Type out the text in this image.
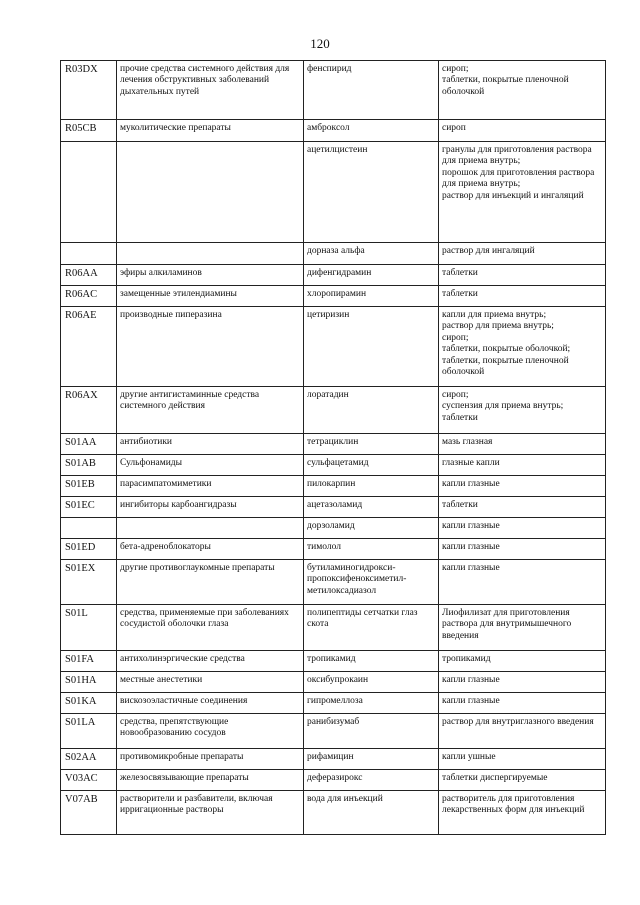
120
R03DX	прочие средства системного действия для лечения обструктивных заболеваний дыхательных путей	фенспирид	сироп;
таблетки, покрытые пленочной оболочкой
R05CB	муколитические препараты	амброксол	сироп
		ацетилцистеин	гранулы для приготовления раствора
для приема внутрь;
порошок для приготовления раствора
для приема внутрь;
раствор для инъекций и ингаляций
		дорназа альфа	раствор для ингаляций
R06AA	эфиры алкиламинов	дифенгидрамин	таблетки
R06AC	замещенные этилендиамины	хлоропирамин	таблетки
R06AE	производные пиперазина	цетиризин	капли для приема внутрь;
раствор для приема внутрь;
сироп;
таблетки, покрытые оболочкой;
таблетки, покрытые пленочной оболочкой
R06AX	другие антигистаминные средства системного действия	лоратадин	сироп;
суспензия для приема внутрь;
таблетки
S01AA	антибиотики	тетрациклин	мазь глазная
S01AB	Сульфонамиды	сульфацетамид	глазные капли
S01EB	парасимпатомиметики	пилокарпин	капли глазные
S01EC	ингибиторы карбоангидразы	ацетазоламид	таблетки
		дорзоламид	капли глазные
S01ED	бета-адреноблокаторы	тимолол	капли глазные
S01EX	другие противоглаукомные препараты	бутиламиногидрокси-пропоксифеноксиметил-метилоксадиазол	капли глазные
S01L	средства, применяемые при заболеваниях сосудистой оболочки глаза	полипептиды сетчатки глаз скота	Лиофилизат для приготовления раствора для внутримышечного введения
S01FA	антихолинэргические средства	тропикамид	тропикамид
S01HA	местные анестетики	оксибупрокаин	капли глазные
S01KA	вискозоэластичные соединения	гипромеллоза	капли глазные
S01LA	средства, препятствующие новообразованию сосудов	ранибизумаб	раствор для внутриглазного введения
S02AA	противомикробные препараты	рифамицин	капли ушные
V03AC	железосвязывающие препараты	деферазирокс	таблетки диспергируемые
V07AB	растворители и разбавители, включая ирригационные растворы	вода для инъекций	растворитель для приготовления лекарственных форм для инъекций
